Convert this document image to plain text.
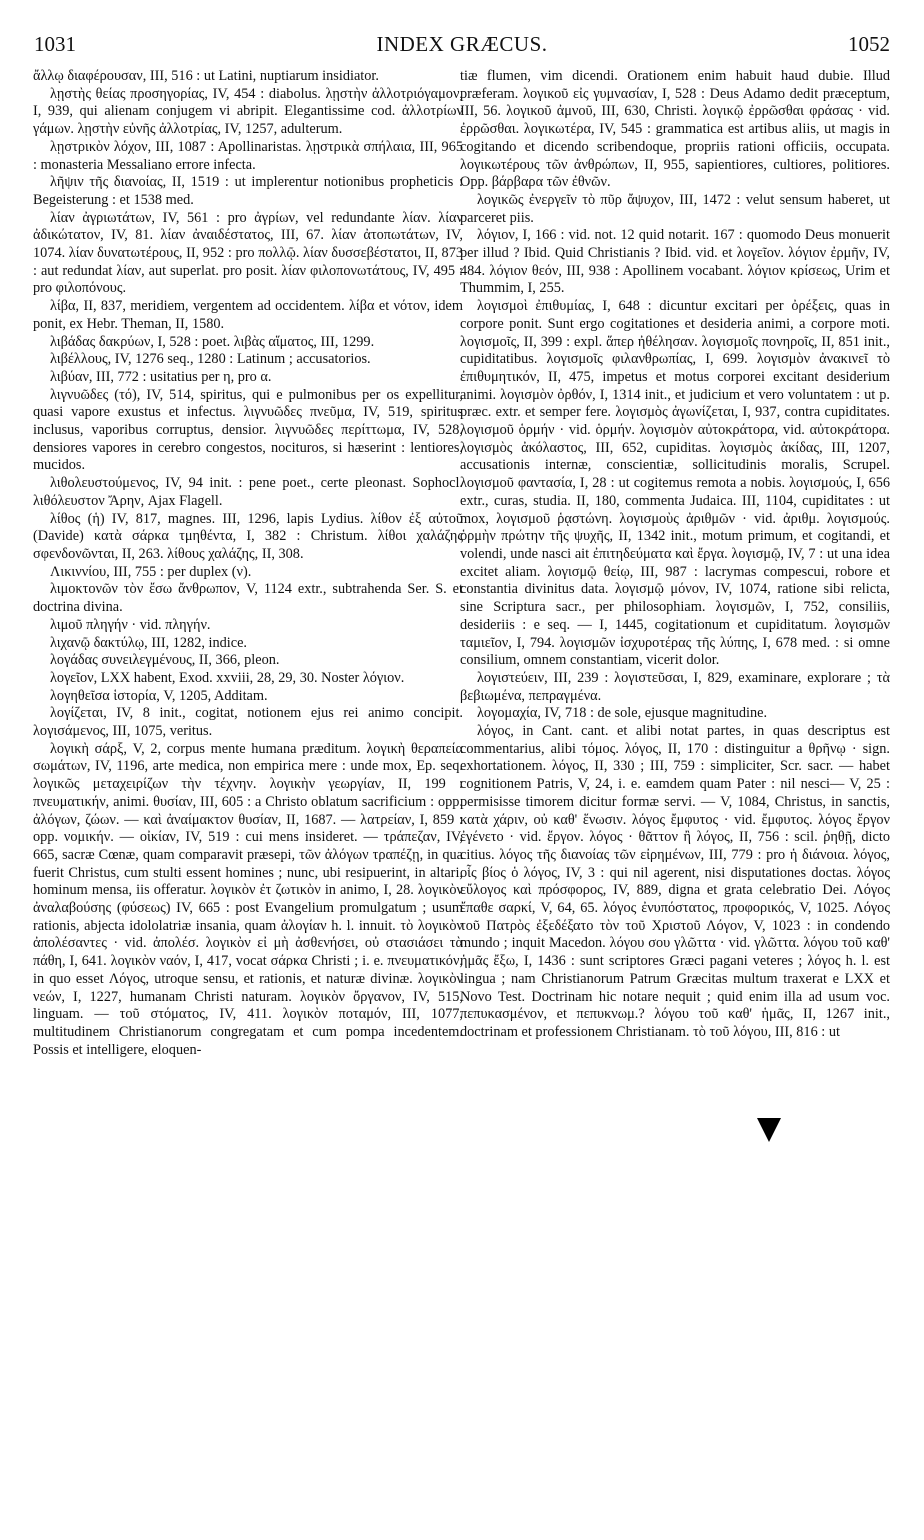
1031	INDEX GRÆCUS.	1052

ἄλλῳ διαφέρουσαν, III, 516 : ut Latini, nuptiarum insidiator.

λῃστὴς θείας προσηγορίας, IV, 454 : diabolus. λῃστὴν ἀλλοτριόγαμον, I, 939, qui alienam conjugem vi abripit. Elegantissime cod. ἀλλοτρίων γάμων. λῃστὴν εὐνῆς ἀλλοτρίας, IV, 1257, adulterum.

λῃστρικὸν λόχον, III, 1087 : Apollinaristas. λῃστρικὰ σπήλαια, III, 965 : monasteria Messaliano errore infecta.

λῆψιν τῆς διανοίας, II, 1519 : ut implerentur notionibus propheticis : Begeisterung : et 1538 med.

λίαν ἀγριωτάτων, IV, 561 : pro ἀγρίων, vel redundante λίαν. λίαν ἀδικώτατον, IV, 81. λίαν ἀναιδέστατος, III, 67. λίαν ἀτοπωτάτων, IV, 1074. λίαν δυνατωτέρους, II, 952 : pro πολλῷ. λίαν δυσσεβέστατοι, II, 873 : aut redundat λίαν, aut superlat. pro posit. λίαν φιλοπονωτάτους, IV, 495 : pro φιλοπόνους.

λίβα, II, 837, meridiem, vergentem ad occidentem. λίβα et νότον, idem ponit, ex Hebr. Theman, II, 1580.

λιβάδας δακρύων, I, 528 : poet. λιβὰς αἵματος, III, 1299.

λιβέλλους, IV, 1276 seq., 1280 : Latinum ; accusatorios.

λιβύαν, III, 772 : usitatius per η, pro α.

λιγνυῶδες (τό), IV, 514, spiritus, qui e pulmonibus per os expellitur, quasi vapore exustus et infectus. λιγνυῶδες πνεῦμα, IV, 519, spiritus inclusus, vaporibus corruptus, densior. λιγνυῶδες περίττωμα, IV, 528, densiores vapores in cerebro congestos, nocituros, si hæserint : lentiores, mucidos.

λιθολευστούμενος, IV, 94 init. : pene poet., certe pleonast. Sophocl. λιθόλευστον Ἄρην, Ajax Flagell.

λίθος (ἡ) IV, 817, magnes. III, 1296, lapis Lydius. λίθον ἐξ αὐτοῦ (Davide) κατὰ σάρκα τμηθέντα, I, 382 : Christum. λίθοι χαλάζης σφενδονῶνται, II, 263. λίθους χαλάζης, II, 308.

Λικιννίου, III, 755 : per duplex (ν).

λιμοκτονῶν τὸν ἔσω ἄνθρωπον, V, 1124 extr., subtrahenda Ser. S. et doctrina divina.

λιμοῦ πληγήν · vid. πληγήν.

λιχανῷ δακτύλῳ, III, 1282, indice.

λογάδας συνειλεγμένους, II, 366, pleon.

λογεῖον, LXX habent, Exod. xxviii, 28, 29, 30. Noster λόγιον.

λογηθεῖσα ἱστορία, V, 1205, Additam.

λογίζεται, IV, 8 init., cogitat, notionem ejus rei animo concipit. λογισάμενος, III, 1075, veritus.

λογικὴ σάρξ, V, 2, corpus mente humana præditum. λογικὴ θεραπεία σωμάτων, IV, 1196, arte medica, non empirica mere : unde mox, Ep. seq. λογικῶς μεταχειρίζων τὴν τέχνην. λογικὴν γεωργίαν, II, 199 : πνευματικήν, animi. θυσίαν, III, 605 : a Christo oblatum sacrificium : opp. ἀλόγων, ζώων. — καὶ ἀναίμακτον θυσίαν, II, 1687. — λατρείαν, I, 859 : opp. νομικήν. — οἰκίαν, IV, 519 : cui mens insideret. — τράπεζαν, IV, 665, sacræ Cœnæ, quam comparavit præsepi, τῶν ἀλόγων τραπέζῃ, in qua fuerit Christus, cum stulti essent homines ; nunc, ubi resipuerint, in altari, hominum mensa, iis offeratur. λογικὸν ἐτ ζωτικὸν in animo, I, 28. λογικὸν ἀναλαβούσης (φύσεως) IV, 665 : post Evangelium promulgatum ; usum rationis, abjecta idololatriæ insania, quam ἀλογίαν h. l. innuit. τὸ λογικὸν ἀπολέσαντες · vid. ἀπολέσ. λογικὸν εἰ μὴ ἀσθενήσει, οὐ στασιάσει τὰ πάθη, I, 641. λογικὸν ναόν, I, 417, vocat σάρκα Christi ; i. e. πνευματικόν, in quo esset Λόγος, utroque sensu, et rationis, et naturæ divinæ. λογικὸν νεών, I, 1227, humanam Christi naturam. λογικὸν ὄργανον, IV, 515, linguam. — τοῦ στόματος, IV, 411. λογικὸν ποταμόν, III, 1077, multitudinem Christianorum congregatam et cum pompa incedentem. Possis et intelligere, eloquen-

tiæ flumen, vim dicendi. Orationem enim habuit haud dubie. Illud præferam. λογικοῦ εἰς γυμνασίαν, I, 528 : Deus Adamo dedit præceptum, III, 56. λογικοῦ ἀμνοῦ, III, 630, Christi. λογικῷ ἐρρῶσθαι φράσας · vid. ἐρρῶσθαι. λογικωτέρα, IV, 545 : grammatica est artibus aliis, ut magis in cogitando et dicendo scribendoque, propriis rationi officiis, occupata. λογικωτέρους τῶν ἀνθρώπων, II, 955, sapientiores, cultiores, politiores. Opp. βάρβαρα τῶν ἐθνῶν.

λογικῶς ἐνεργεῖν τὸ πῦρ ἄψυχον, III, 1472 : velut sensum haberet, ut parceret piis.

λόγιον, I, 166 : vid. not. 12 quid notarit. 167 : quomodo Deus monuerit per illud ? Ibid. Quid Christianis ? Ibid. vid. et λογεῖον. λόγιον ἐρμῆν, IV, 484. λόγιον θεόν, III, 938 : Apollinem vocabant. λόγιον κρίσεως, Urim et Thummim, I, 255.

λογισμοὶ ἐπιθυμίας, I, 648 : dicuntur excitari per ὀρέξεις, quas in corpore ponit. Sunt ergo cogitationes et desideria animi, a corpore moti. λογισμοῖς, II, 399 : expl. ἅπερ ἠθέλησαν. λογισμοῖς πονηροῖς, II, 851 init., cupiditatibus. λογισμοῖς φιλανθρωπίας, I, 699. λογισμὸν ἀνακινεῖ τὸ ἐπιθυμητικόν, II, 475, impetus et motus corporei excitant desiderium animi. λογισμὸν ὀρθόν, I, 1314 init., et judicium et vero voluntatem : ut p. præc. extr. et semper fere. λογισμὸς ἀγωνίζεται, I, 937, contra cupiditates. λογισμοῦ ὁρμήν · vid. ὁρμήν. λογισμὸν αὐτοκράτορα, vid. αὐτοκράτορα. λογισμὸς ἀκόλαστος, III, 652, cupiditas. λογισμὸς ἀκίδας, III, 1207, accusationis internæ, conscientiæ, sollicitudinis moralis, Scrupel. λογισμοῦ φαντασία, I, 28 : ut cogitemus remota a nobis. λογισμούς, I, 656 extr., curas, studia. II, 180, commenta Judaica. III, 1104, cupiditates : ut mox, λογισμοῦ ῥᾳστώνη. λογισμοὺς ἀριθμῶν · vid. ἀριθμ. λογισμούς. ὁρμὴν πρώτην τῆς ψυχῆς, II, 1342 init., motum primum, et cogitandi, et volendi, unde nasci ait ἐπιτηδεύματα καὶ ἔργα. λογισμῷ, IV, 7 : ut una idea excitet aliam. λογισμῷ θείῳ, III, 987 : lacrymas compescui, robore et constantia divinitus data. λογισμῷ μόνον, IV, 1074, ratione sibi relicta, sine Scriptura sacr., per philosophiam. λογισμῶν, I, 752, consiliis, desideriis : e seq. — I, 1445, cogitationum et cupiditatum. λογισμῶν ταμιεῖον, I, 794. λογισμῶν ἰσχυροτέρας τῆς λύπης, I, 678 med. : si omne consilium, omnem constantiam, vicerit dolor.

λογιστεύειν, III, 239 : λογιστεῦσαι, I, 829, examinare, explorare ; τὰ βεβιωμένα, πεπραγμένα.

λογομαχία, IV, 718 : de sole, ejusque magnitudine.

λόγος, in Cant. cant. et alibi notat partes, in quas descriptus est commentarius, alibi τόμος. λόγος, II, 170 : distinguitur a θρῆνῳ · sign. exhortationem. λόγος, II, 330 ; III, 759 : simpliciter, Scr. sacr. — habet cognitionem Patris, V, 24, i. e. eamdem quam Pater : nil nesci— V, 25 : permisisse timorem dicitur formæ servi. — V, 1084, Christus, in sanctis, κατὰ χάριν, οὐ καθ' ἕνωσιν. λόγος ἔμφυτος · vid. ἔμφυτος. λόγος ἔργον ἐγένετο · vid. ἔργον. λόγος · θᾶττον ἢ λόγος, II, 756 : scil. ῥηθῇ, dicto citius. λόγος τῆς διανοίας τῶν εἰρημένων, III, 779 : pro ἡ διάνοια. λόγος, οἷς βίος ὁ λόγος, IV, 3 : qui nil agerent, nisi disputationes doctas. λόγος εὔλογος καὶ πρόσφορος, IV, 889, digna et grata celebratio Dei. Λόγος ἔπαθε σαρκί, V, 64, 65. λόγος ἐνυπόστατος, προφορικός, V, 1025. Λόγος τοῦ Πατρὸς ἐξεδέξατο τὸν τοῦ Χριστοῦ Λόγον, V, 1023 : in condendo mundo ; inquit Macedon. λόγου σου γλῶττα · vid. γλῶττα. λόγου τοῦ καθ' ἡμᾶς ἔξω, I, 1436 : sunt scriptores Græci pagani veteres ; λόγος h. l. est lingua ; nam Christianorum Patrum Græcitas multum traxerat e LXX et Novo Test. Doctrinam hic notare nequit ; quid enim illa ad usum voc. πεπυκασμένον, et πεπυκνωμ.? λόγου τοῦ καθ' ἡμᾶς, II, 1267 init., doctrinam et professionem Christianam. τὸ τοῦ λόγου, III, 816 : ut
